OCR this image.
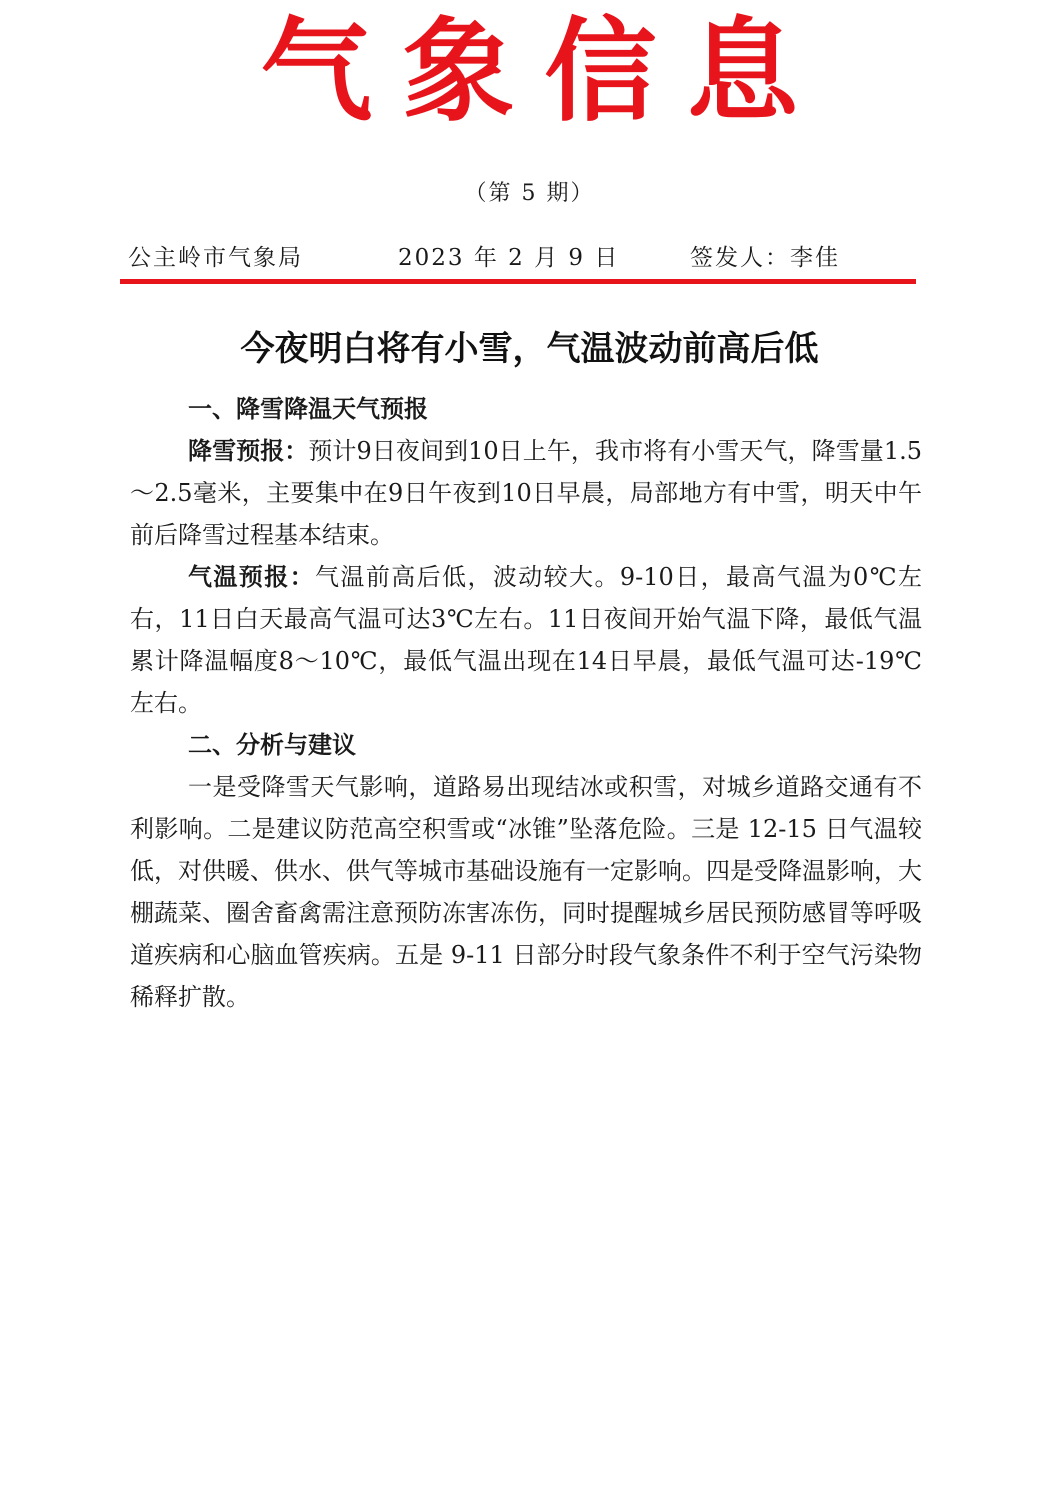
气象信息
（第 5 期）
公主岭市气象局	2023 年 2 月 9 日	签发人：李佳
今夜明白将有小雪，气温波动前高后低

一、降雪降温天气预报

降雪预报：预计9日夜间到10日上午，我市将有小雪天气，降雪量1.5～2.5毫米，主要集中在9日午夜到10日早晨，局部地方有中雪，明天中午前后降雪过程基本结束。

气温预报：气温前高后低，波动较大。9-10日，最高气温为0℃左右，11日白天最高气温可达3℃左右。11日夜间开始气温下降，最低气温累计降温幅度8～10℃，最低气温出现在14日早晨，最低气温可达-19℃左右。

二、分析与建议

一是受降雪天气影响，道路易出现结冰或积雪，对城乡道路交通有不利影响。二是建议防范高空积雪或“冰锥”坠落危险。三是 12-15 日气温较低，对供暖、供水、供气等城市基础设施有一定影响。四是受降温影响，大棚蔬菜、圈舍畜禽需注意预防冻害冻伤，同时提醒城乡居民预防感冒等呼吸道疾病和心脑血管疾病。五是 9-11 日部分时段气象条件不利于空气污染物稀释扩散。
